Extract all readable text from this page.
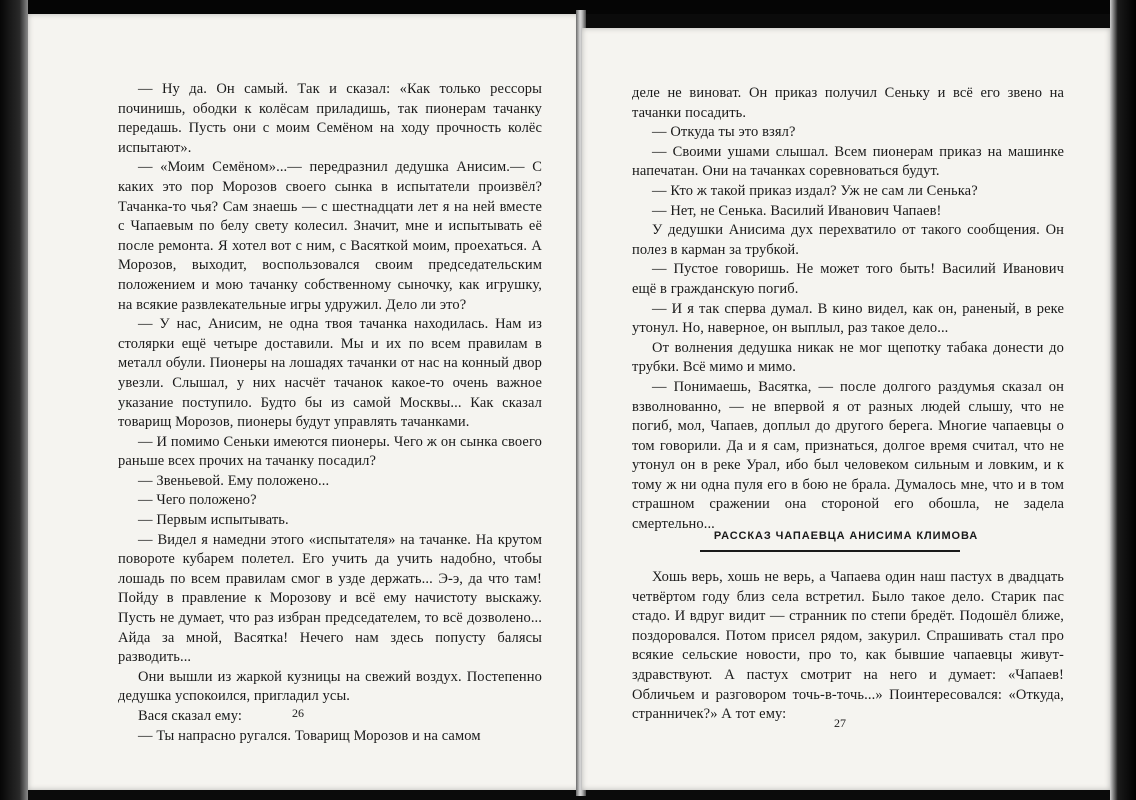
— Ну да. Он самый. Так и сказал: «Как только рессоры починишь, ободки к колёсам приладишь, так пионерам тачанку передашь. Пусть они с моим Семёном на ходу прочность колёс испытают».

— «Моим Семёном»...— передразнил дедушка Анисим.— С каких это пор Морозов своего сынка в испытатели произвёл? Тачанка-то чья? Сам знаешь — с шестнадцати лет я на ней вместе с Чапаевым по белу свету колесил. Значит, мне и испытывать её после ремонта. Я хотел вот с ним, с Васяткой моим, проехаться. А Морозов, выходит, воспользовался своим председательским положением и мою тачанку собственному сыночку, как игрушку, на всякие развлекательные игры удружил. Дело ли это?

— У нас, Анисим, не одна твоя тачанка находилась. Нам из столярки ещё четыре доставили. Мы и их по всем правилам в металл обули. Пионеры на лошадях тачанки от нас на конный двор увезли. Слышал, у них насчёт тачанок какое-то очень важное указание поступило. Будто бы из самой Москвы... Как сказал товарищ Морозов, пионеры будут управлять тачанками.

— И помимо Сеньки имеются пионеры. Чего ж он сынка своего раньше всех прочих на тачанку посадил?

— Звеньевой. Ему положено...

— Чего положено?

— Первым испытывать.

— Видел я намедни этого «испытателя» на тачанке. На крутом повороте кубарем полетел. Его учить да учить надобно, чтобы лошадь по всем правилам смог в узде держать... Э-э, да что там! Пойду в правление к Морозову и всё ему начистоту выскажу. Пусть не думает, что раз избран председателем, то всё дозволено... Айда за мной, Васятка! Нечего нам здесь попусту балясы разводить...

Они вышли из жаркой кузницы на свежий воздух. Постепенно дедушка успокоился, пригладил усы.

Вася сказал ему:

— Ты напрасно ругался. Товарищ Морозов и на самом

26

деле не виноват. Он приказ получил Сеньку и всё его звено на тачанки посадить.

— Откуда ты это взял?

— Своими ушами слышал. Всем пионерам приказ на машинке напечатан. Они на тачанках соревноваться будут.

— Кто ж такой приказ издал? Уж не сам ли Сенька?

— Нет, не Сенька. Василий Иванович Чапаев!

У дедушки Анисима дух перехватило от такого сообщения. Он полез в карман за трубкой.

— Пустое говоришь. Не может того быть! Василий Иванович ещё в гражданскую погиб.

— И я так сперва думал. В кино видел, как он, раненый, в реке утонул. Но, наверное, он выплыл, раз такое дело...

От волнения дедушка никак не мог щепотку табака донести до трубки. Всё мимо и мимо.

— Понимаешь, Васятка, — после долгого раздумья сказал он взволнованно, — не впервой я от разных людей слышу, что не погиб, мол, Чапаев, доплыл до другого берега. Многие чапаевцы о том говорили. Да и я сам, признаться, долгое время считал, что не утонул он в реке Урал, ибо был человеком сильным и ловким, и к тому ж ни одна пуля его в бою не брала. Думалось мне, что и в том страшном сражении она стороной его обошла, не задела смертельно...

РАССКАЗ ЧАПАЕВЦА АНИСИМА КЛИМОВА

Хошь верь, хошь не верь, а Чапаева один наш пастух в двадцать четвёртом году близ села встретил. Было такое дело. Старик пас стадо. И вдруг видит — странник по степи бредёт. Подошёл ближе, поздоровался. Потом присел рядом, закурил. Спрашивать стал про всякие сельские новости, про то, как бывшие чапаевцы живут-здравствуют. А пастух смотрит на него и думает: «Чапаев! Обличьем и разговором точь-в-точь...» Поинтересовался: «Откуда, странничек?» А тот ему:

27
